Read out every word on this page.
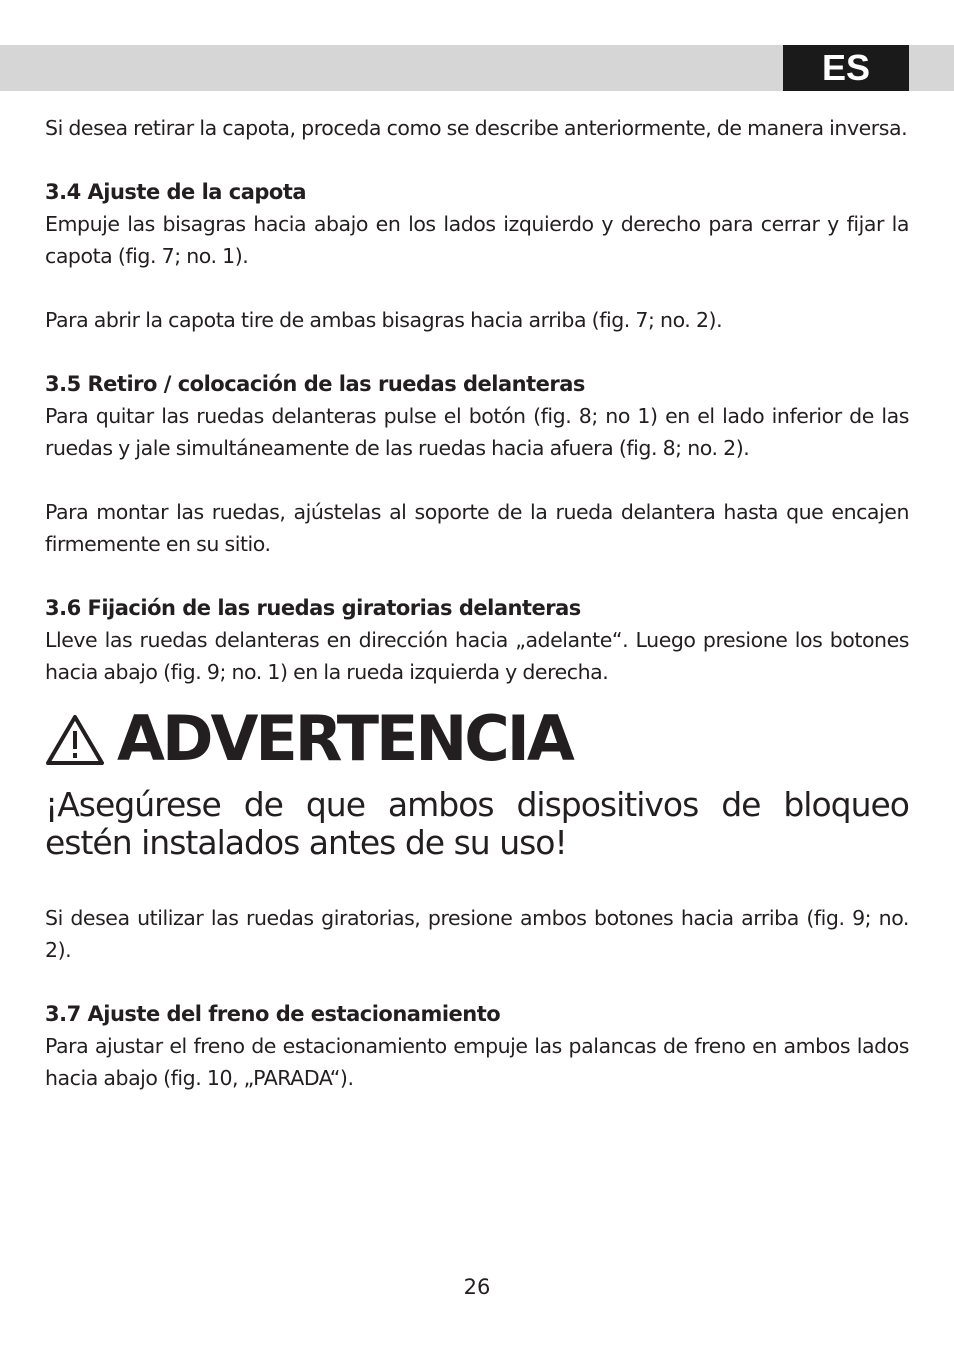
ES

Si desea retirar la capota, proceda como se describe anteriormente, de manera inversa.

3.4 Ajuste de la capota

Empuje las bisagras hacia abajo en los lados izquierdo y derecho para cerrar y fijar la capota (fig. 7; no. 1).

Para abrir la capota tire de ambas bisagras hacia arriba (fig. 7; no. 2).

3.5 Retiro / colocación de las ruedas delanteras

Para quitar las ruedas delanteras pulse el botón (fig. 8; no 1) en el lado inferior de las ruedas y jale simultáneamente de las ruedas hacia afuera (fig. 8; no. 2).

Para montar las ruedas, ajústelas al soporte de la rueda delantera hasta que encajen firmemente en su sitio.

3.6 Fijación de las ruedas giratorias delanteras

Lleve las ruedas delanteras en dirección hacia „adelante“. Luego presione los botones hacia abajo (fig. 9; no. 1) en la rueda izquierda y derecha.

ADVERTENCIA

¡Asegúrese de que ambos dispositivos de bloqueo estén instalados antes de su uso!

Si desea utilizar las ruedas giratorias, presione ambos botones hacia arriba (fig. 9; no. 2).

3.7 Ajuste del freno de estacionamiento

Para ajustar el freno de estacionamiento empuje las palancas de freno en ambos lados hacia abajo (fig. 10, „PARADA“).

26
